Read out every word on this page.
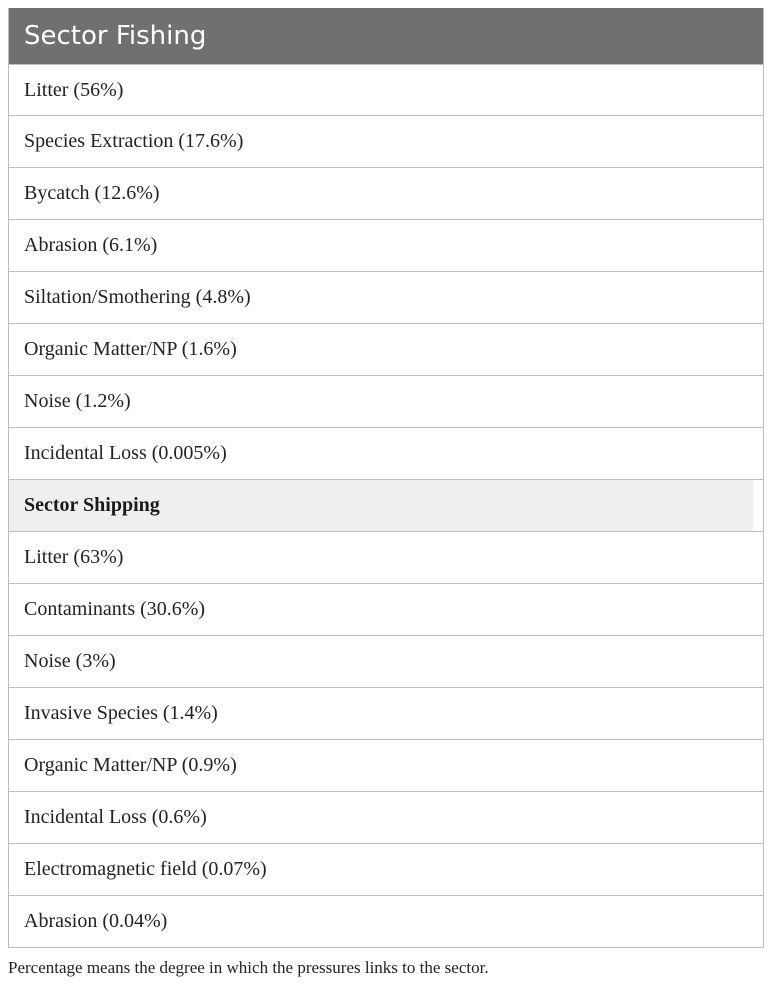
Sector Fishing
Litter (56%)
Species Extraction (17.6%)
Bycatch (12.6%)
Abrasion (6.1%)
Siltation/Smothering (4.8%)
Organic Matter/NP (1.6%)
Noise (1.2%)
Incidental Loss (0.005%)
Sector Shipping
Litter (63%)
Contaminants (30.6%)
Noise (3%)
Invasive Species (1.4%)
Organic Matter/NP (0.9%)
Incidental Loss (0.6%)
Electromagnetic field (0.07%)
Abrasion (0.04%)
Percentage means the degree in which the pressures links to the sector.
